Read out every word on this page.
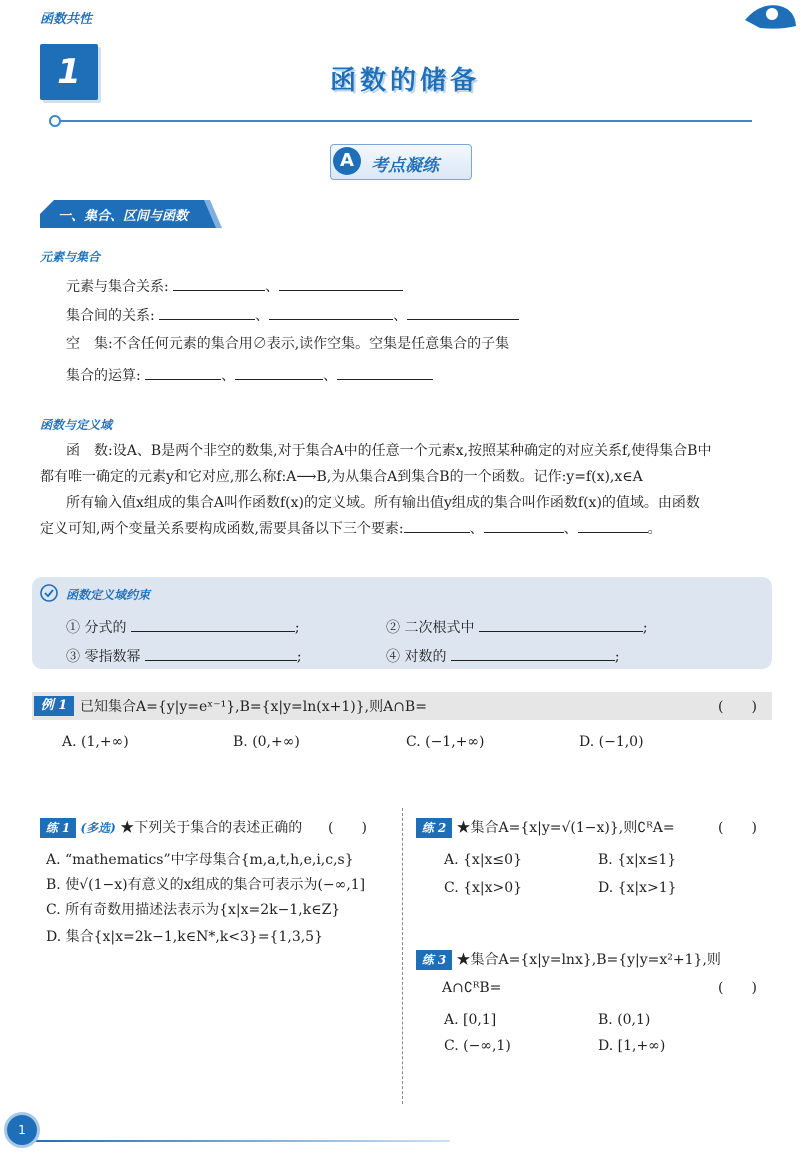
函数共性
1	函数的储备
A	考点凝练
一、集合、区间与函数
元素与集合
元素与集合关系:	、
集合间的关系:	、	、
空　集:不含任何元素的集合用∅表示,读作空集。空集是任意集合的子集
集合的运算:	、	、
函数与定义域
函　数:设A、B是两个非空的数集,对于集合A中的任意一个元素x,按照某种确定的对应关系f,使得集合B中
都有唯一确定的元素y和它对应,那么称f:A⟶B,为从集合A到集合B的一个函数。记作:y=f(x),x∈A
所有输入值x组成的集合A叫作函数f(x)的定义域。所有输出值y组成的集合叫作函数f(x)的值域。由函数
定义可知,两个变量关系要构成函数,需要具备以下三个要素:	、	、	。
函数定义域约束
① 分式的	;	② 二次根式中	;
③ 零指数幂	;	④ 对数的	;
例 1 已知集合A={y|y=eˣ⁻¹},B={x|y=ln(x+1)},则A∩B=	(　　)
A. (1,+∞)	B. (0,+∞)	C. (−1,+∞)	D. (−1,0)
练 1 (多选) ★下列关于集合的表述正确的 (　　)
A. “mathematics”中字母集合{m,a,t,h,e,i,c,s}
B. 使√(1−x)有意义的x组成的集合可表示为(−∞,1]
C. 所有奇数用描述法表示为{x|x=2k−1,k∈Z}
D. 集合{x|x=2k−1,k∈N*,k<3}={1,3,5}
练 2 ★集合A={x|y=√(1−x)},则∁ᴿA=	(　　)
A. {x|x≤0}	B. {x|x≤1}
C. {x|x>0}	D. {x|x>1}
练 3 ★集合A={x|y=lnx},B={y|y=x²+1},则
A∩∁ᴿB=	(　　)
A. [0,1]	B. (0,1)
C. (−∞,1)	D. [1,+∞)
1
